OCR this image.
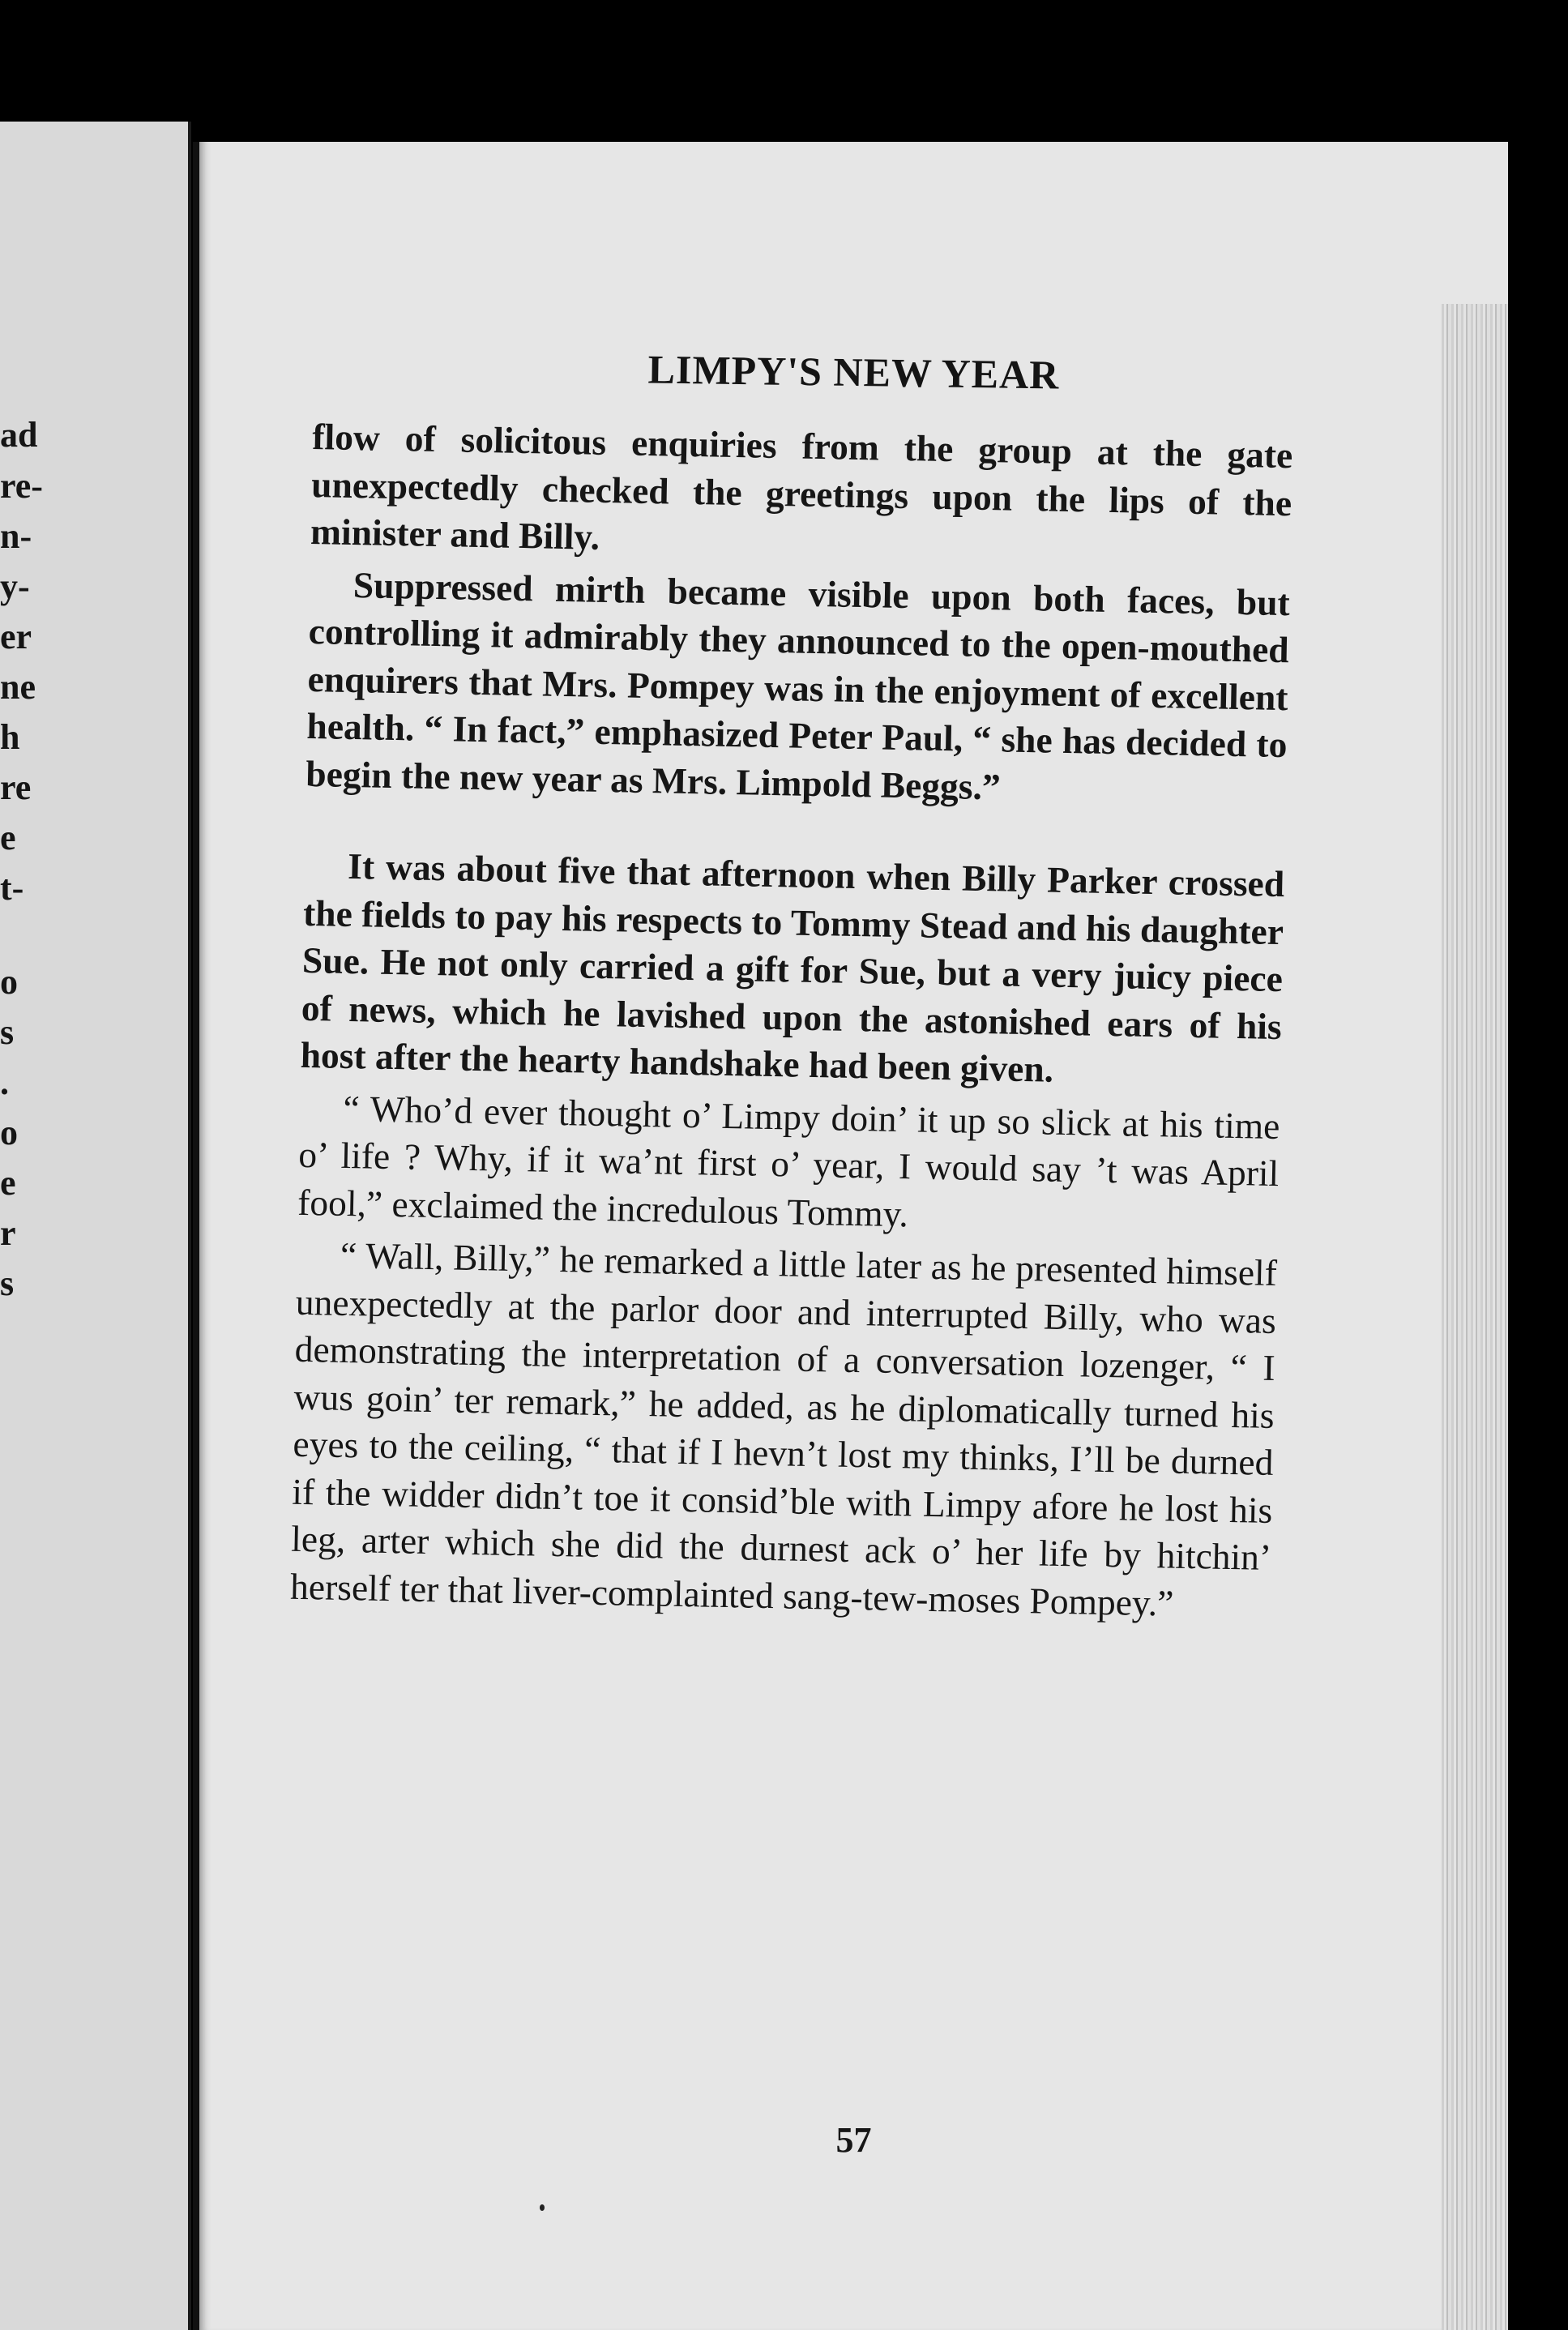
ad
re-
n-
y-
er
ne
h
re
e
t-
o
s
.
o
e
r
s
LIMPY'S NEW YEAR

flow of solicitous enquiries from the group at the gate unexpectedly checked the greetings upon the lips of the minister and Billy.

Suppressed mirth became visible upon both faces, but controlling it admirably they announced to the open-mouthed enquirers that Mrs. Pompey was in the enjoyment of excellent health. “ In fact,” emphasized Peter Paul, “ she has decided to begin the new year as Mrs. Limpold Beggs.”

It was about five that afternoon when Billy Parker crossed the fields to pay his respects to Tommy Stead and his daughter Sue. He not only carried a gift for Sue, but a very juicy piece of news, which he lavished upon the astonished ears of his host after the hearty handshake had been given.

“ Who’d ever thought o’ Limpy doin’ it up so slick at his time o’ life ? Why, if it wa’nt first o’ year, I would say ’t was April fool,” exclaimed the incredulous Tommy.

“ Wall, Billy,” he remarked a little later as he presented himself unexpectedly at the parlor door and interrupted Billy, who was demonstrating the interpretation of a conversation lozenger, “ I wus goin’ ter remark,” he added, as he diplomatically turned his eyes to the ceiling, “ that if I hevn’t lost my thinks, I’ll be durned if the widder didn’t toe it consid’ble with Limpy afore he lost his leg, arter which she did the durnest ack o’ her life by hitchin’ herself ter that liver-complainted sang-tew-moses Pompey.”

57
